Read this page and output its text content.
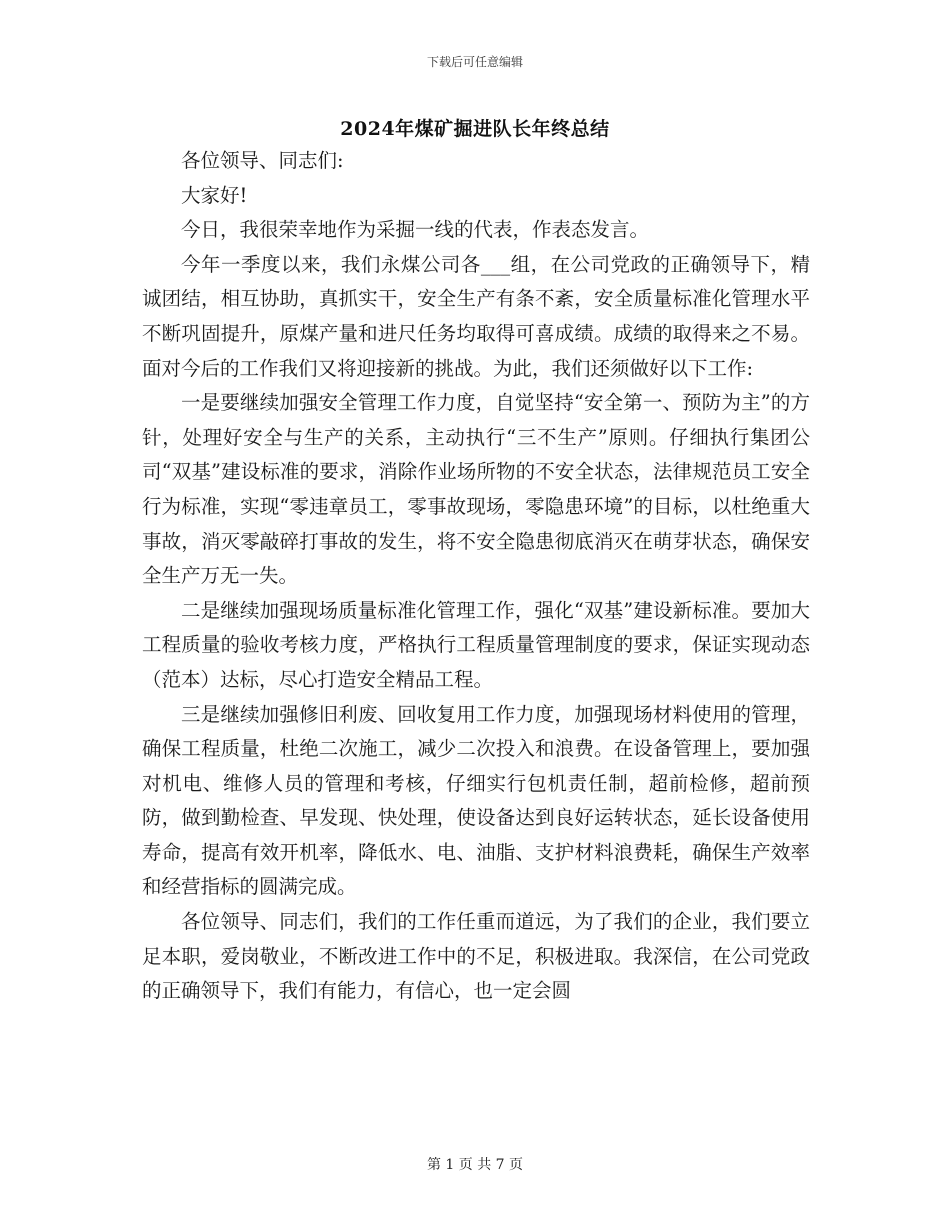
下载后可任意编辑
2024年煤矿掘进队长年终总结

各位领导、同志们:

大家好!

今日，我很荣幸地作为采掘一线的代表，作表态发言。

今年一季度以来，我们永煤公司各___组，在公司党政的正确领导下，精诚团结，相互协助，真抓实干，安全生产有条不紊，安全质量标准化管理水平不断巩固提升，原煤产量和进尺任务均取得可喜成绩。成绩的取得来之不易。面对今后的工作我们又将迎接新的挑战。为此，我们还须做好以下工作:

一是要继续加强安全管理工作力度，自觉坚持“安全第一、预防为主”的方针，处理好安全与生产的关系，主动执行“三不生产”原则。仔细执行集团公司“双基”建设标准的要求，消除作业场所物的不安全状态，法律规范员工安全行为标准，实现“零违章员工，零事故现场，零隐患环境”的目标，以杜绝重大事故，消灭零敲碎打事故的发生，将不安全隐患彻底消灭在萌芽状态，确保安全生产万无一失。

二是继续加强现场质量标准化管理工作，强化“双基”建设新标准。要加大工程质量的验收考核力度，严格执行工程质量管理制度的要求，保证实现动态（范本）达标，尽心打造安全精品工程。

三是继续加强修旧利废、回收复用工作力度，加强现场材料使用的管理，确保工程质量，杜绝二次施工，减少二次投入和浪费。在设备管理上，要加强对机电、维修人员的管理和考核，仔细实行包机责任制，超前检修，超前预防，做到勤检查、早发现、快处理，使设备达到良好运转状态，延长设备使用寿命，提高有效开机率，降低水、电、油脂、支护材料浪费耗，确保生产效率和经营指标的圆满完成。

各位领导、同志们，我们的工作任重而道远，为了我们的企业，我们要立足本职，爱岗敬业，不断改进工作中的不足，积极进取。我深信，在公司党政的正确领导下，我们有能力，有信心，也一定会圆

第 1 页 共 7 页
